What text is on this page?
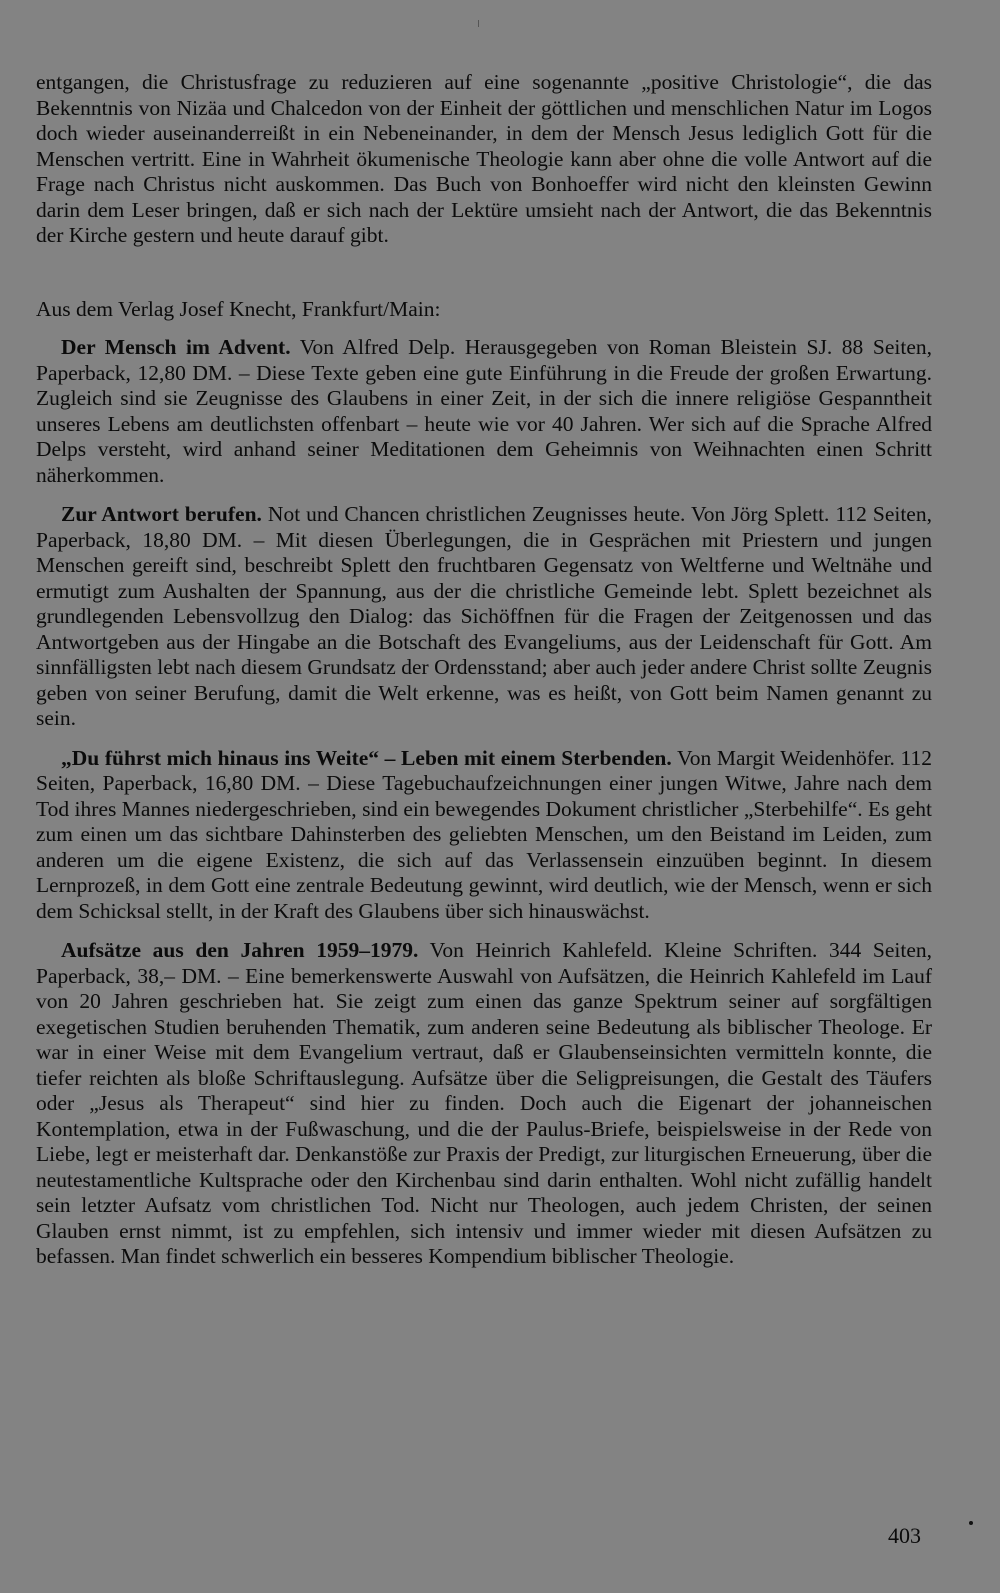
entgangen, die Christusfrage zu reduzieren auf eine sogenannte „positive Christologie“, die das Bekenntnis von Nizäa und Chalcedon von der Einheit der göttlichen und menschlichen Natur im Logos doch wieder auseinanderreißt in ein Nebeneinander, in dem der Mensch Jesus lediglich Gott für die Menschen vertritt. Eine in Wahrheit ökumenische Theologie kann aber ohne die volle Antwort auf die Frage nach Christus nicht auskommen. Das Buch von Bonhoeffer wird nicht den kleinsten Gewinn darin dem Leser bringen, daß er sich nach der Lektüre umsieht nach der Antwort, die das Bekenntnis der Kirche gestern und heute darauf gibt.

Aus dem Verlag Josef Knecht, Frankfurt/Main:

Der Mensch im Advent. Von Alfred Delp. Herausgegeben von Roman Bleistein SJ. 88 Seiten, Paperback, 12,80 DM. – Diese Texte geben eine gute Einführung in die Freude der großen Erwartung. Zugleich sind sie Zeugnisse des Glaubens in einer Zeit, in der sich die innere religiöse Gespanntheit unseres Lebens am deutlichsten offenbart – heute wie vor 40 Jahren. Wer sich auf die Sprache Alfred Delps versteht, wird anhand seiner Meditationen dem Geheimnis von Weihnachten einen Schritt näherkommen.

Zur Antwort berufen. Not und Chancen christlichen Zeugnisses heute. Von Jörg Splett. 112 Seiten, Paperback, 18,80 DM. – Mit diesen Überlegungen, die in Gesprächen mit Priestern und jungen Menschen gereift sind, beschreibt Splett den fruchtbaren Gegensatz von Weltferne und Weltnähe und ermutigt zum Aushalten der Spannung, aus der die christliche Gemeinde lebt. Splett bezeichnet als grundlegenden Lebensvollzug den Dialog: das Sichöffnen für die Fragen der Zeitgenossen und das Antwortgeben aus der Hingabe an die Botschaft des Evangeliums, aus der Leidenschaft für Gott. Am sinnfälligsten lebt nach diesem Grundsatz der Ordensstand; aber auch jeder andere Christ sollte Zeugnis geben von seiner Berufung, damit die Welt erkenne, was es heißt, von Gott beim Namen genannt zu sein.

„Du führst mich hinaus ins Weite“ – Leben mit einem Sterbenden. Von Margit Weidenhöfer. 112 Seiten, Paperback, 16,80 DM. – Diese Tagebuchaufzeichnungen einer jungen Witwe, Jahre nach dem Tod ihres Mannes niedergeschrieben, sind ein bewegendes Dokument christlicher „Sterbehilfe“. Es geht zum einen um das sichtbare Dahinsterben des geliebten Menschen, um den Beistand im Leiden, zum anderen um die eigene Existenz, die sich auf das Verlassensein einzuüben beginnt. In diesem Lernprozeß, in dem Gott eine zentrale Bedeutung gewinnt, wird deutlich, wie der Mensch, wenn er sich dem Schicksal stellt, in der Kraft des Glaubens über sich hinauswächst.

Aufsätze aus den Jahren 1959–1979. Von Heinrich Kahlefeld. Kleine Schriften. 344 Seiten, Paperback, 38,– DM. – Eine bemerkenswerte Auswahl von Aufsätzen, die Heinrich Kahlefeld im Lauf von 20 Jahren geschrieben hat. Sie zeigt zum einen das ganze Spektrum seiner auf sorgfältigen exegetischen Studien beruhenden Thematik, zum anderen seine Bedeutung als biblischer Theologe. Er war in einer Weise mit dem Evangelium vertraut, daß er Glaubenseinsichten vermitteln konnte, die tiefer reichten als bloße Schriftauslegung. Aufsätze über die Seligpreisungen, die Gestalt des Täufers oder „Jesus als Therapeut“ sind hier zu finden. Doch auch die Eigenart der johanneischen Kontemplation, etwa in der Fußwaschung, und die der Paulus-Briefe, beispielsweise in der Rede von Liebe, legt er meisterhaft dar. Denkanstöße zur Praxis der Predigt, zur liturgischen Erneuerung, über die neutestamentliche Kultsprache oder den Kirchenbau sind darin enthalten. Wohl nicht zufällig handelt sein letzter Aufsatz vom christlichen Tod. Nicht nur Theologen, auch jedem Christen, der seinen Glauben ernst nimmt, ist zu empfehlen, sich intensiv und immer wieder mit diesen Aufsätzen zu befassen. Man findet schwerlich ein besseres Kompendium biblischer Theologie.

403
